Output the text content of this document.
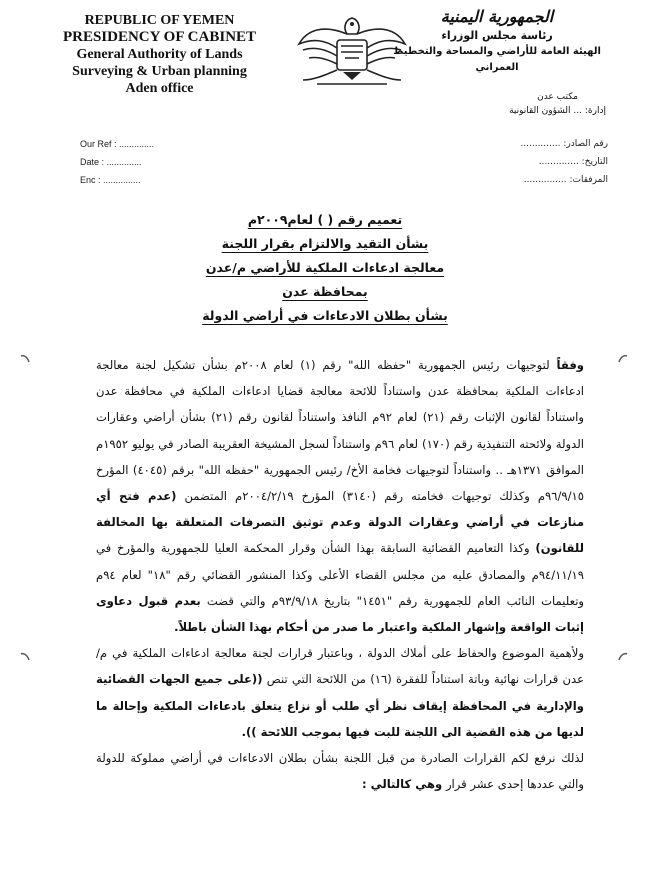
REPUBLIC OF YEMEN
PRESIDENCY OF CABINET
General Authority of Lands
Surveying & Urban planning
Aden office
الجمهورية اليمنية
رئاسة مجلس الوزراء
الهيئة العامة للأراضي والمساحة والتخطيط العمراني
مكتب عدن
إدارة: ... الشؤون القانونية
Our Ref : ..............
Date : ..............
Enc : ...............
رقم الصادر: ..............
التاريخ: ..............
المرفقات: ...............
تعميم رقم ( ) لعام٢٠٠٩م
بشأن التقيد والالتزام بقرار اللجنة
معالجة ادعاءات الملكية للأراضي م/عدن
بمحافظة عدن
بشأن بطلان الادعاءات في أراضي الدولة

وفقاً لتوجيهات رئيس الجمهورية "حفظه الله" رقم (١) لعام ٢٠٠٨م بشأن تشكيل لجنة معالجة ادعاءات الملكية بمحافظة عدن واستناداً للائحة معالجة قضايا ادعاءات الملكية في محافظة عدن واستناداً لقانون الإثبات رقم (٢١) لعام ٩٢م النافذ واستناداً لقانون رقم (٢١) بشأن أراضي وعقارات الدولة ولائحته التنفيذية رقم (١٧٠) لعام ٩٦م واستناداً لسجل المشيخة العقريبة الصادر في يوليو ١٩٥٢م الموافق ١٣٧١هـ .. واستناداً لتوجيهات فخامة الأخ/ رئيس الجمهورية "حفظه الله" برقم (٤٠٤٥) المؤرخ ٩٦/٩/١٥م وكذلك توجيهات فخامته رقم (٣١٤٠) المؤرخ ٢٠٠٤/٢/١٩م المتضمن (عدم فتح أي منازعات في أراضي وعقارات الدولة وعدم توثيق التصرفات المتعلقة بها المخالفة للقانون) وكذا التعاميم القضائية السابقة بهذا الشأن وقرار المحكمة العليا للجمهورية والمؤرخ في ٩٤/١١/١٩م والمصادق عليه من مجلس القضاء الأعلى وكذا المنشور القضائي رقم "١٨" لعام ٩٤م وتعليمات النائب العام للجمهورية رقم "١٤٥١" بتاريخ ٩٣/٩/١٨م والتي قضت بعدم قبول دعاوى إثبات الواقعة وإشهار الملكية واعتبار ما صدر من أحكام بهذا الشأن باطلاً.

ولأهمية الموضوع والحفاظ على أملاك الدولة ، وباعتبار قرارات لجنة معالجة ادعاءات الملكية في م/عدن قرارات نهائية وباتة استناداً للفقرة (١٦) من اللائحة التي تنص ((على جميع الجهات القضائية والإدارية في المحافظة إيقاف نظر أي طلب أو نزاع يتعلق بادعاءات الملكية وإحالة ما لديها من هذه القضية الى اللجنة للبت فيها بموجب اللائحة )).

لذلك نرفع لكم القرارات الصادرة من قبل اللجنة بشأن بطلان الادعاءات في أراضي مملوكة للدولة والتي عددها إحدى عشر قرار وهي كالتالي :
